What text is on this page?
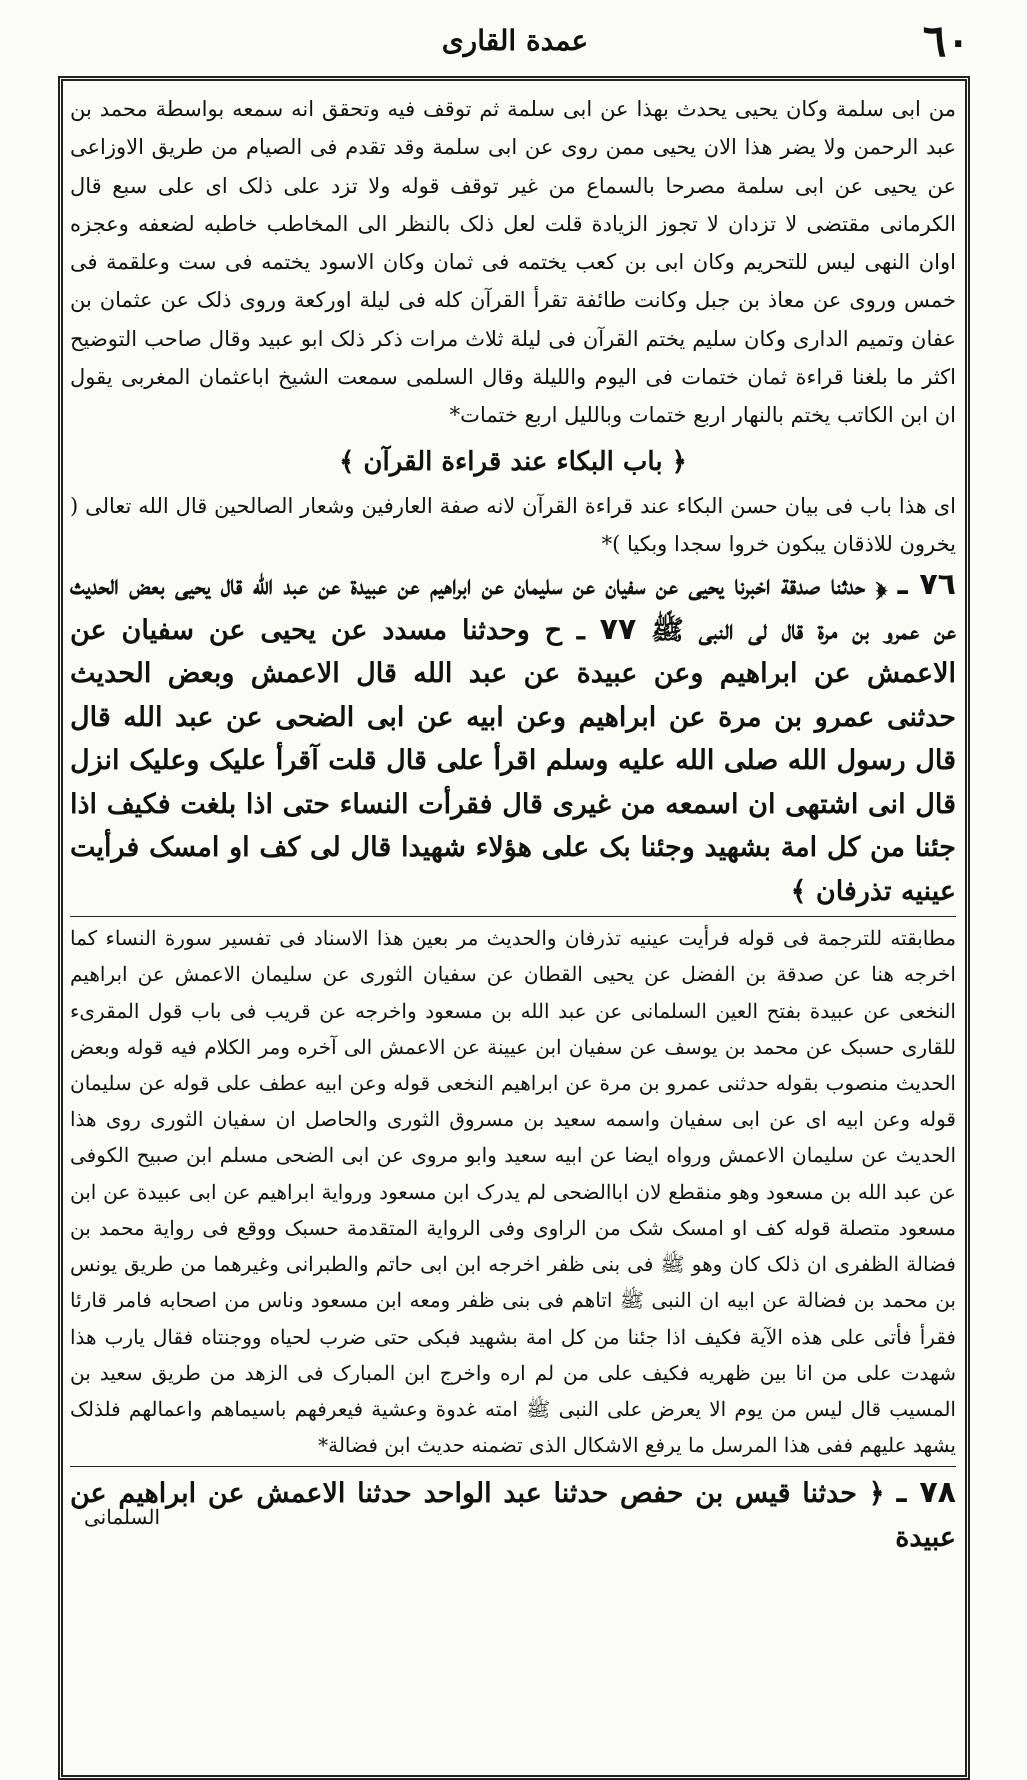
٦٠
عمدة القاری

من ابی سلمة وکان یحیی یحدث بهذا عن ابی سلمة ثم توقف فیه وتحقق انه سمعه بواسطة محمد بن عبد الرحمن ولا یضر هذا الان یحیی ممن روی عن ابی سلمة وقد تقدم فی الصیام من طریق الاوزاعی عن یحیی عن ابی سلمة مصرحا بالسماع من غیر توقف قوله ولا تزد علی ذلک ای علی سبع قال الکرمانی مقتضی لا تزدان لا تجوز الزیادة قلت لعل ذلک بالنظر الی المخاطب خاطبه لضعفه وعجزه اوان النهی لیس للتحریم وکان ابی بن کعب یختمه فی ثمان وکان الاسود یختمه فی ست وعلقمة فی خمس وروی عن معاذ بن جبل وکانت طائفة تقرأ القرآن کله فی لیلة اورکعة وروی ذلک عن عثمان بن عفان وتمیم الداری وکان سلیم یختم القرآن فی لیلة ثلاث مرات ذکر ذلک ابو عبید وقال صاحب التوضیح اکثر ما بلغنا قراءة ثمان ختمات فی الیوم واللیلة وقال السلمی سمعت الشیخ اباعثمان المغربی یقول ان ابن الکاتب یختم بالنهار اربع ختمات وباللیل اربع ختمات*

﴿ باب البکاء عند قراءة القرآن ﴾

ای هذا باب فی بیان حسن البکاء عند قراءة القرآن لانه صفة العارفین وشعار الصالحین قال الله تعالی ( یخرون للاذقان یبکون خروا سجدا وبکیا )*

٧٦ ـ ﴿ حدثنا صدقة اخبرنا یحیی عن سفیان عن سلیمان عن ابراهیم عن عبیدة عن عبد الله قال یحیی بعض الحدیث عن عمرو بن مرة قال لی النبی ﷺ ٧٧ ـ ح وحدثنا مسدد عن یحیی عن سفیان عن الاعمش عن ابراهیم وعن عبیدة عن عبد الله قال الاعمش وبعض الحدیث حدثنی عمرو بن مرة عن ابراهیم وعن ابیه عن ابی الضحی عن عبد الله قال قال رسول الله صلی الله علیه وسلم اقرأ علی قال قلت آقرأ علیک وعلیک انزل قال انی اشتهی ان اسمعه من غیری قال فقرأت النساء حتی اذا بلغت فکیف اذا جئنا من کل امة بشهید وجئنا بک علی هؤلاء شهیدا قال لی کف او امسک فرأیت عینیه تذرفان ﴾

مطابقته للترجمة فی قوله فرأیت عینیه تذرفان والحدیث مر بعین هذا الاسناد فی تفسیر سورة النساء کما اخرجه هنا عن صدقة بن الفضل عن یحیی القطان عن سفیان الثوری عن سلیمان الاعمش عن ابراهیم النخعی عن عبیدة بفتح العین السلمانی عن عبد الله بن مسعود واخرجه عن قریب فی باب قول المقریء للقاری حسبک عن محمد بن یوسف عن سفیان ابن عیینة عن الاعمش الی آخره ومر الکلام فیه قوله وبعض الحدیث منصوب بقوله حدثنی عمرو بن مرة عن ابراهیم النخعی قوله وعن ابیه عطف علی قوله عن سلیمان قوله وعن ابیه ای عن ابی سفیان واسمه سعید بن مسروق الثوری والحاصل ان سفیان الثوری روی هذا الحدیث عن سلیمان الاعمش ورواه ایضا عن ابیه سعید وابو مروی عن ابی الضحی مسلم ابن صبیح الکوفی عن عبد الله بن مسعود وهو منقطع لان اباالضحی لم یدرک ابن مسعود ورواية ابراهيم عن ابی عبیدة عن ابن مسعود متصلة قوله کف او امسک شک من الراوی وفی الروایة المتقدمة حسبک ووقع فی روایة محمد بن فضالة الظفری ان ذلک کان وهو ﷺ فی بنی ظفر اخرجه ابن ابی حاتم والطبرانی وغیرهما من طریق یونس بن محمد بن فضالة عن ابیه ان النبی ﷺ اتاهم فی بنی ظفر ومعه ابن مسعود وناس من اصحابه فامر قارئا فقرأ فأتی علی هذه الآیة فکیف اذا جئنا من کل امة بشهید فبکی حتی ضرب لحیاه ووجنتاه فقال یارب هذا شهدت علی من انا بین ظهریه فکیف علی من لم اره واخرج ابن المبارک فی الزهد من طریق سعید بن المسیب قال لیس من یوم الا یعرض علی النبی ﷺ امته غدوة وعشیة فیعرفهم باسیماهم واعمالهم فلذلک یشهد علیهم ففی هذا المرسل ما یرفع الاشکال الذی تضمنه حدیث ابن فضالة*

٧٨ ـ ﴿ حدثنا قیس بن حفص حدثنا عبد الواحد حدثنا الاعمش عن ابراهیم عن عبیدة

السلمانی
